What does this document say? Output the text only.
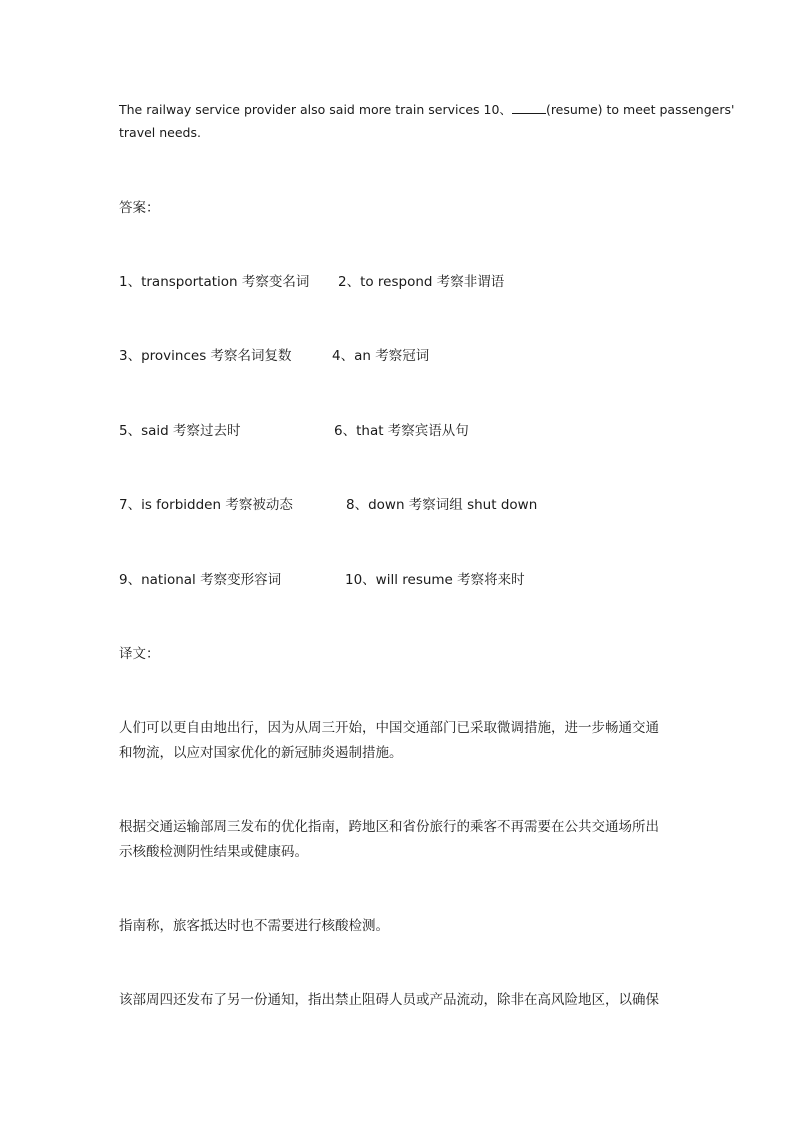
The railway service provider also said more train services 10、	(resume) to meet passengers'
travel needs.
答案：
1、transportation 考察变名词 2、to respond 考察非谓语
3、provinces 考察名词复数	4、an 考察冠词
5、said 考察过去时	6、that 考察宾语从句
7、is forbidden 考察被动态	8、down 考察词组 shut down
9、national 考察变形容词	10、will resume 考察将来时
译文：
人们可以更自由地出行，因为从周三开始，中国交通部门已采取微调措施，进一步畅通交通
和物流，以应对国家优化的新冠肺炎遏制措施。
根据交通运输部周三发布的优化指南，跨地区和省份旅行的乘客不再需要在公共交通场所出
示核酸检测阴性结果或健康码。
指南称，旅客抵达时也不需要进行核酸检测。
该部周四还发布了另一份通知，指出禁止阻碍人员或产品流动，除非在高风险地区，以确保
